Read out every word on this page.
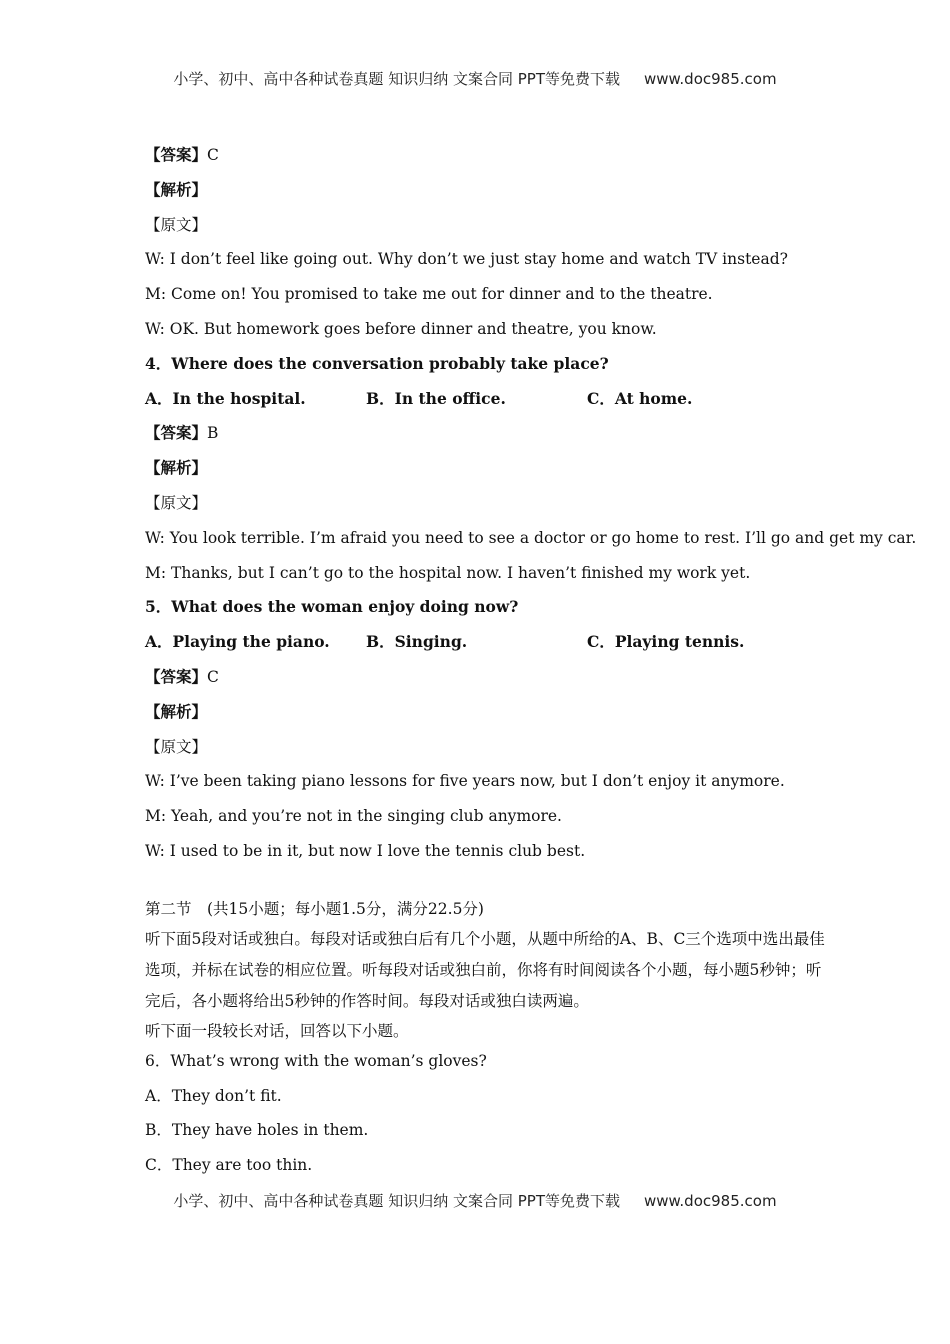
小学、初中、高中各种试卷真题 知识归纳 文案合同 PPT等免费下载 www.doc985.com
【答案】C
【解析】
【原文】
W: I don’t feel like going out. Why don’t we just stay home and watch TV instead?
M: Come on! You promised to take me out for dinner and to the theatre.
W: OK. But homework goes before dinner and theatre, you know.
4．Where does the conversation probably take place?
A．In the hospital.	B．In the office.	C．At home.
【答案】B
【解析】
【原文】
W: You look terrible. I’m afraid you need to see a doctor or go home to rest. I’ll go and get my car.
M: Thanks, but I can’t go to the hospital now. I haven’t finished my work yet.
5．What does the woman enjoy doing now?
A．Playing the piano.	B．Singing.	C．Playing tennis.
【答案】C
【解析】
【原文】
W: I’ve been taking piano lessons for five years now, but I don’t enjoy it anymore.
M: Yeah, and you’re not in the singing club anymore.
W: I used to be in it, but now I love the tennis club best.
第二节　(共15小题；每小题1.5分，满分22.5分)
听下面5段对话或独白。每段对话或独白后有几个小题，从题中所给的A、B、C三个选项中选出最佳选项，并标在试卷的相应位置。听每段对话或独白前，你将有时间阅读各个小题，每小题5秒钟；听完后，各小题将给出5秒钟的作答时间。每段对话或独白读两遍。
听下面一段较长对话，回答以下小题。
6．What’s wrong with the woman’s gloves?
A．They don’t fit.
B．They have holes in them.
C．They are too thin.
小学、初中、高中各种试卷真题 知识归纳 文案合同 PPT等免费下载 www.doc985.com
